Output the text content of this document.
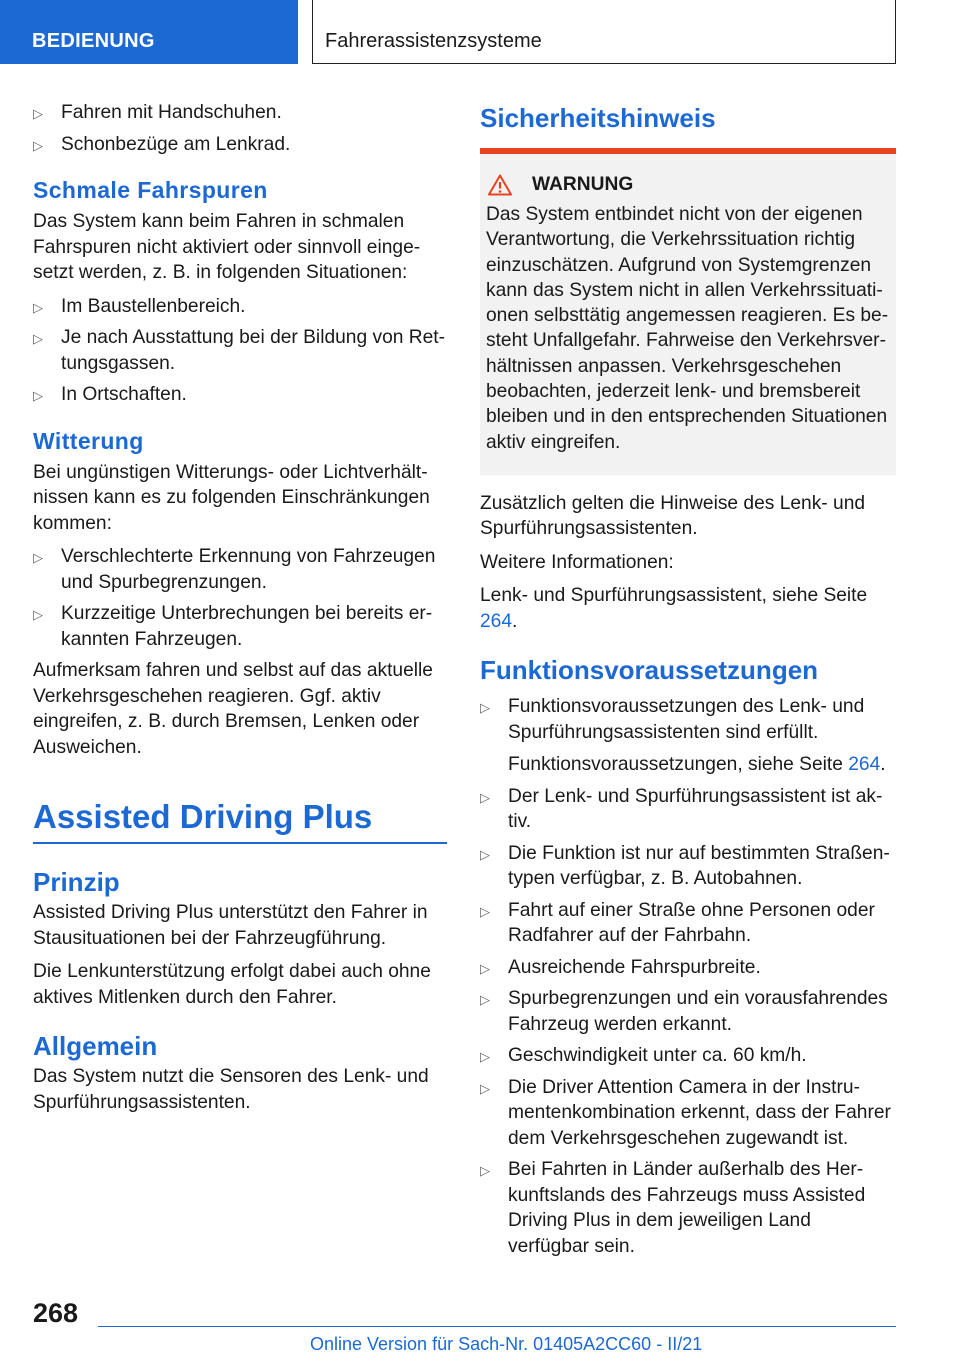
BEDIENUNG	Fahrerassistenzsysteme
▷ Fahren mit Handschuhen.
▷ Schonbezüge am Lenkrad.
Schmale Fahrspuren

Das System kann beim Fahren in schmalen Fahrspuren nicht aktiviert oder sinnvoll eingesetzt werden, z. B. in folgenden Situationen:

▷ Im Baustellenbereich.
▷ Je nach Ausstattung bei der Bildung von Rettungsgassen.
▷ In Ortschaften.
Witterung

Bei ungünstigen Witterungs- oder Lichtverhältnissen kann es zu folgenden Einschränkungen kommen:

▷ Verschlechterte Erkennung von Fahrzeugen und Spurbegrenzungen.
▷ Kurzzeitige Unterbrechungen bei bereits erkannten Fahrzeugen.

Aufmerksam fahren und selbst auf das aktuelle Verkehrsgeschehen reagieren. Ggf. aktiv eingreifen, z. B. durch Bremsen, Lenken oder Ausweichen.

Assisted Driving Plus
Prinzip

Assisted Driving Plus unterstützt den Fahrer in Stausituationen bei der Fahrzeugführung.

Die Lenkunterstützung erfolgt dabei auch ohne aktives Mitlenken durch den Fahrer.

Allgemein

Das System nutzt die Sensoren des Lenk- und Spurführungsassistenten.

Sicherheitshinweis
WARNUNG

Das System entbindet nicht von der eigenen Verantwortung, die Verkehrssituation richtig einzuschätzen. Aufgrund von Systemgrenzen kann das System nicht in allen Verkehrssituationen selbsttätig angemessen reagieren. Es besteht Unfallgefahr. Fahrweise den Verkehrsverhältnissen anpassen. Verkehrsgeschehen beobachten, jederzeit lenk- und bremsbereit bleiben und in den entsprechenden Situationen aktiv eingreifen.

Zusätzlich gelten die Hinweise des Lenk- und Spurführungsassistenten.

Weitere Informationen:

Lenk- und Spurführungsassistent, siehe Seite 264.

Funktionsvoraussetzungen
▷ Funktionsvoraussetzungen des Lenk- und Spurführungsassistenten sind erfüllt.
Funktionsvoraussetzungen, siehe Seite 264.
▷ Der Lenk- und Spurführungsassistent ist aktiv.
▷ Die Funktion ist nur auf bestimmten Straßentypen verfügbar, z. B. Autobahnen.
▷ Fahrt auf einer Straße ohne Personen oder Radfahrer auf der Fahrbahn.
▷ Ausreichende Fahrspurbreite.
▷ Spurbegrenzungen und ein vorausfahrendes Fahrzeug werden erkannt.
▷ Geschwindigkeit unter ca. 60 km/h.
▷ Die Driver Attention Camera in der Instrumentenkombination erkennt, dass der Fahrer dem Verkehrsgeschehen zugewandt ist.
▷ Bei Fahrten in Länder außerhalb des Herkunftslands des Fahrzeugs muss Assisted Driving Plus in dem jeweiligen Land verfügbar sein.
268
Online Version für Sach-Nr. 01405A2CC60 - II/21
